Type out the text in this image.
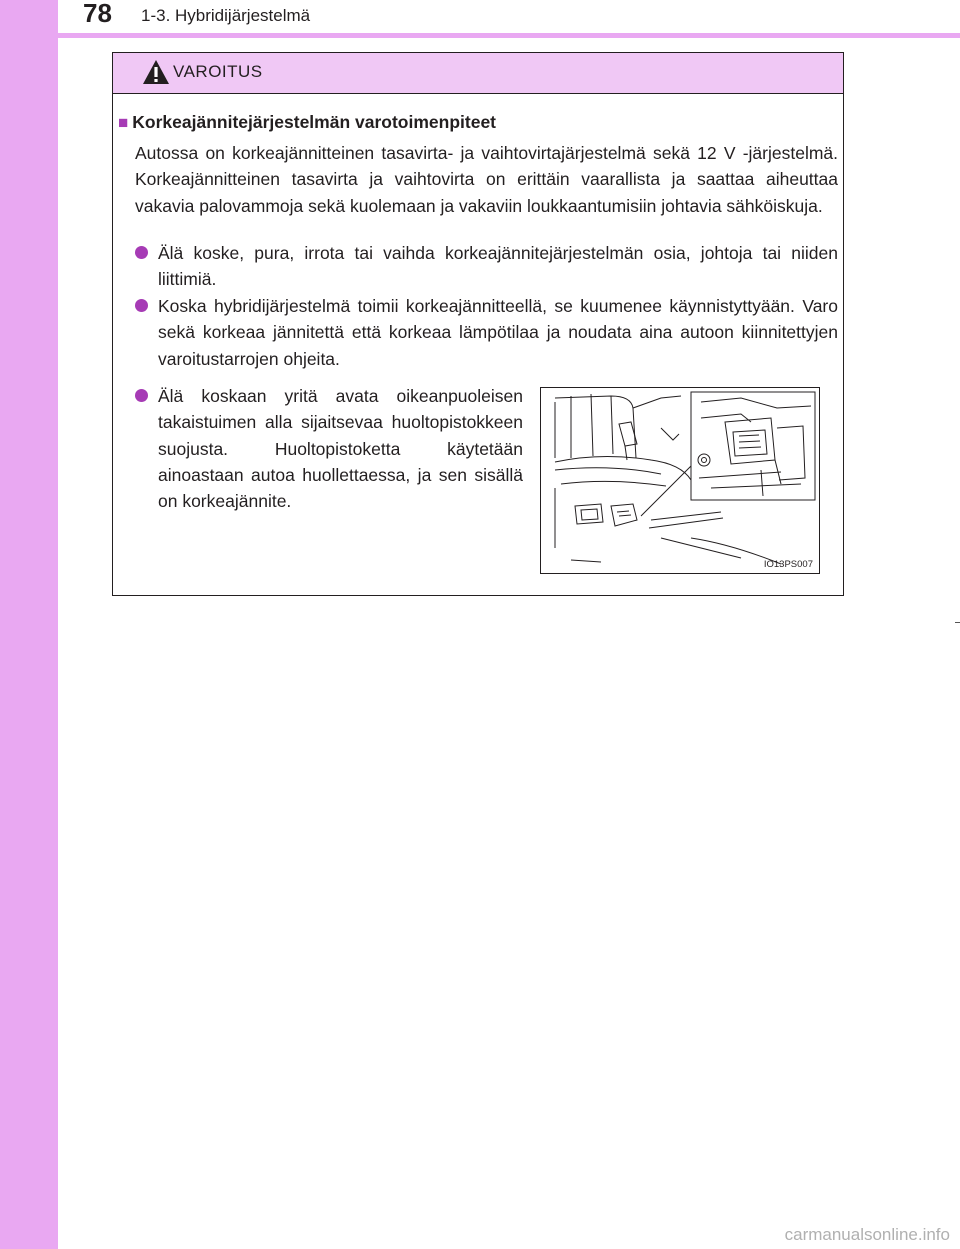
78 1-3. Hybridijärjestelmä
VAROITUS
■ Korkeajännitejärjestelmän varotoimenpiteet
Autossa on korkeajännitteinen tasavirta- ja vaihtovirtajärjestelmä sekä 12 V -järjestelmä. Korkeajännitteinen tasavirta ja vaihtovirta on erittäin vaarallista ja saattaa aiheuttaa vakavia palovammoja sekä kuolemaan ja vakaviin loukkaantumisiin johtavia sähköiskuja.
Älä koske, pura, irrota tai vaihda korkeajännitejärjestelmän osia, johtoja tai niiden liittimiä.
Koska hybridijärjestelmä toimii korkeajännitteellä, se kuumenee käynnistyttyään. Varo sekä korkeaa jännitettä että korkeaa lämpötilaa ja noudata aina autoon kiinnitettyjen varoitustarrojen ohjeita.
Älä koskaan yritä avata oikeanpuoleisen takaistuimen alla sijaitsevaa huoltopistokkeen suojusta. Huoltopistoketta käytetään ainoastaan autoa huollettaessa, ja sen sisällä on korkeajännite.
IO13PS007
carmanualsonline.info
